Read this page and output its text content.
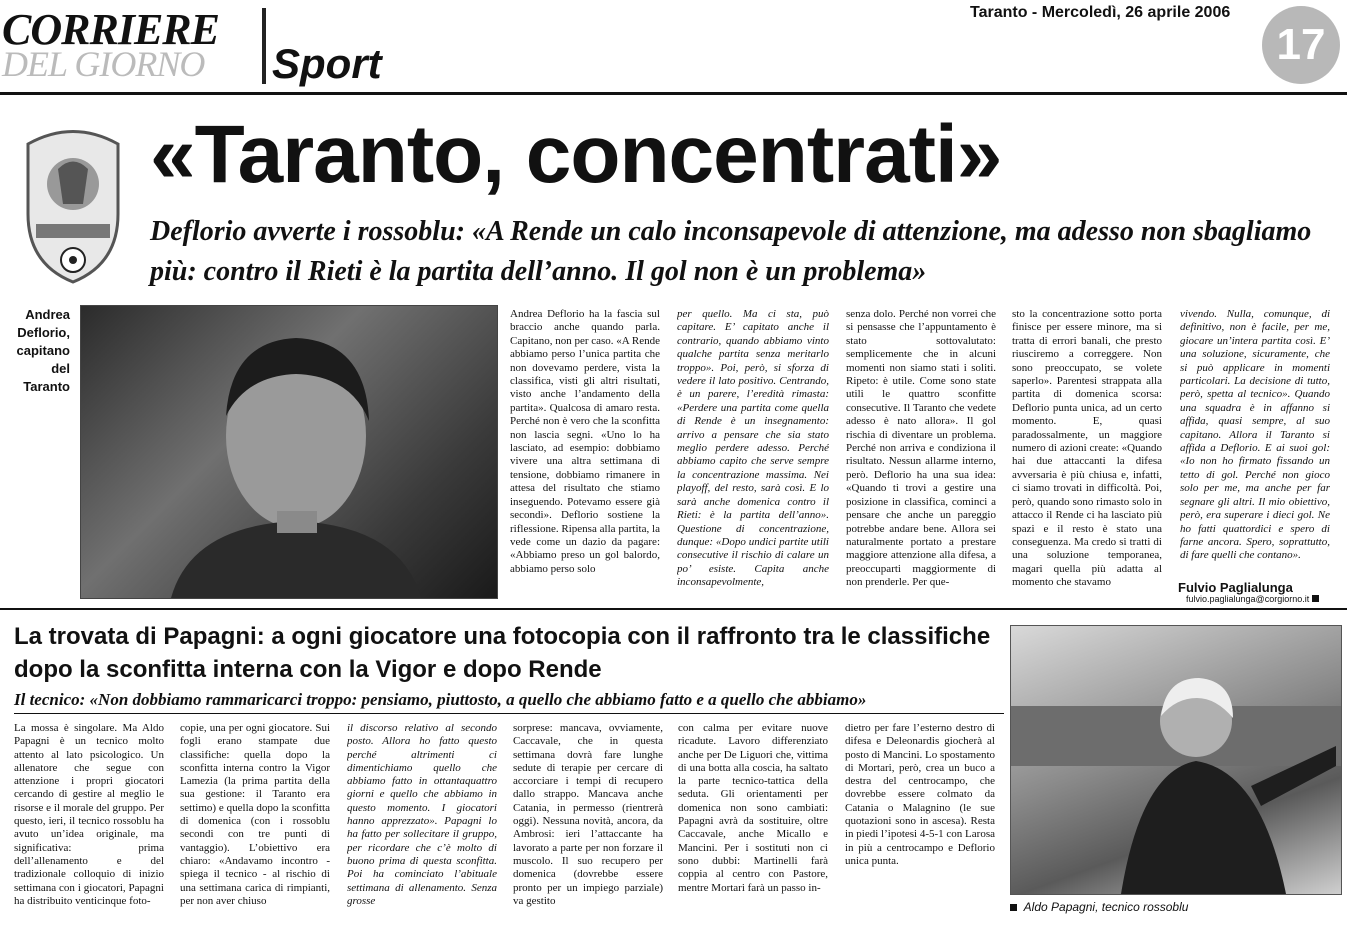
CORRIERE
DEL GIORNO Sport
Taranto - Mercoledì, 26 aprile 2006
17
«Taranto, concentrati»
Deflorio avverte i rossoblu: «A Rende un calo inconsapevole di attenzione, ma adesso non sbagliamo più: contro il Rieti è la partita dell’anno. Il gol non è un problema»
Andrea Deflorio, capitano del Taranto

Andrea Deflorio ha la fascia sul braccio anche quando parla. Capitano, non per caso. «A Rende abbiamo perso l’unica partita che non dovevamo perdere, vista la classifica, visti gli altri risultati, visto anche l’andamento della partita». Qualcosa di amaro resta. Perché non è vero che la sconfitta non lascia segni. «Uno lo ha lasciato, ad esempio: dobbiamo vivere una altra settimana di tensione, dobbiamo rimanere in attesa del risultato che stiamo inseguendo. Potevamo essere già secondi». Deflorio sostiene la riflessione. Ripensa alla partita, la vede come un dazio da pagare: «Abbiamo preso un gol balordo, abbiamo perso solo

per quello. Ma ci sta, può capitare. E’ capitato anche il contrario, quando abbiamo vinto qualche partita senza meritarlo troppo». Poi, però, si sforza di vedere il lato positivo. Centrando, è un parere, l’eredità rimasta: «Perdere una partita come quella di Rende è un insegnamento: arrivo a pensare che sia stato meglio perdere adesso. Perché abbiamo capito che serve sempre la concentrazione massima. Nei playoff, del resto, sarà così. E lo sarà anche domenica contro il Rieti: è la partita dell’anno». Questione di concentrazione, dunque: «Dopo undici partite utili consecutive il rischio di calare un po’ esiste. Capita anche inconsapevolmente,

senza dolo. Perché non vorrei che si pensasse che l’appuntamento è stato sottovalutato: semplicemente che in alcuni momenti non siamo stati i soliti. Ripeto: è utile. Come sono state utili le quattro sconfitte consecutive. Il Taranto che vedete adesso è nato allora». Il gol rischia di diventare un problema. Perché non arriva e condiziona il risultato. Nessun allarme interno, però. Deflorio ha una sua idea: «Quando ti trovi a gestire una posizione in classifica, cominci a pensare che anche un pareggio potrebbe andare bene. Allora sei naturalmente portato a prestare maggiore attenzione alla difesa, a preoccuparti maggiormente di non prenderle. Per que-

sto la concentrazione sotto porta finisce per essere minore, ma si tratta di errori banali, che presto riusciremo a correggere. Non sono preoccupato, se volete saperlo». Parentesi strappata alla partita di domenica scorsa: Deflorio punta unica, ad un certo momento. E, quasi paradossalmente, un maggiore numero di azioni create: «Quando hai due attaccanti la difesa avversaria è più chiusa e, infatti, ci siamo trovati in difficoltà. Poi, però, quando sono rimasto solo in attacco il Rende ci ha lasciato più spazi e il resto è stato una conseguenza. Ma credo si tratti di una soluzione temporanea, magari quella più adatta al momento che stavamo

vivendo. Nulla, comunque, di definitivo, non è facile, per me, giocare un’intera partita così. E’ una soluzione, sicuramente, che si può applicare in momenti particolari. La decisione di tutto, però, spetta al tecnico». Quando una squadra è in affanno si affida, quasi sempre, al suo capitano. Allora il Taranto si affida a Deflorio. E ai suoi gol: «Io non ho firmato fissando un tetto di gol. Perché non gioco solo per me, ma anche per far segnare gli altri. Il mio obiettivo, però, era superare i dieci gol. Ne ho fatti quattordici e spero di farne ancora. Spero, soprattutto, di fare quelli che contano».

Fulvio Paglialunga
fulvio.paglialunga@corgiorno.it
La trovata di Papagni: a ogni giocatore una fotocopia con il raffronto tra le classifiche dopo la sconfitta interna con la Vigor e dopo Rende
Il tecnico: «Non dobbiamo rammaricarci troppo: pensiamo, piuttosto, a quello che abbiamo fatto e a quello che abbiamo»

La mossa è singolare. Ma Aldo Papagni è un tecnico molto attento al lato psicologico. Un allenatore che segue con attenzione i propri giocatori cercando di gestire al meglio le risorse e il morale del gruppo. Per questo, ieri, il tecnico rossoblu ha avuto un’idea originale, ma significativa: prima dell’allenamento e del tradizionale colloquio di inizio settimana con i giocatori, Papagni ha distribuito venticinque foto-

copie, una per ogni giocatore. Sui fogli erano stampate due classifiche: quella dopo la sconfitta interna contro la Vigor Lamezia (la prima partita della sua gestione: il Taranto era settimo) e quella dopo la sconfitta di domenica (con i rossoblu secondi con tre punti di vantaggio). L’obiettivo era chiaro: «Andavamo incontro - spiega il tecnico - al rischio di una settimana carica di rimpianti, per non aver chiuso

il discorso relativo al secondo posto. Allora ho fatto questo perché altrimenti ci dimentichiamo quello che abbiamo fatto in ottantaquattro giorni e quello che abbiamo in questo momento. I giocatori hanno apprezzato». Papagni lo ha fatto per sollecitare il gruppo, per ricordare che c’è molto di buono prima di questa sconfitta. Poi ha cominciato l’abituale settimana di allenamento. Senza grosse

sorprese: mancava, ovviamente, Caccavale, che in questa settimana dovrà fare lunghe sedute di terapie per cercare di accorciare i tempi di recupero dallo strappo. Mancava anche Catania, in permesso (rientrerà oggi). Nessuna novità, ancora, da Ambrosi: ieri l’attaccante ha lavorato a parte per non forzare il muscolo. Il suo recupero per domenica (dovrebbe essere pronto per un impiego parziale) va gestito

con calma per evitare nuove ricadute. Lavoro differenziato anche per De Liguori che, vittima di una botta alla coscia, ha saltato la parte tecnico-tattica della seduta. Gli orientamenti per domenica non sono cambiati: Papagni avrà da sostituire, oltre Caccavale, anche Micallo e Mancini. Per i sostituti non ci sono dubbi: Martinelli farà coppia al centro con Pastore, mentre Mortari farà un passo in-

dietro per fare l’esterno destro di difesa e Deleonardis giocherà al posto di Mancini. Lo spostamento di Mortari, però, crea un buco a destra del centrocampo, che dovrebbe essere colmato da Catania o Malagnino (le sue quotazioni sono in ascesa). Resta in piedi l’ipotesi 4-5-1 con Larosa in più a centrocampo e Deflorio unica punta.

Aldo Papagni, tecnico rossoblu
